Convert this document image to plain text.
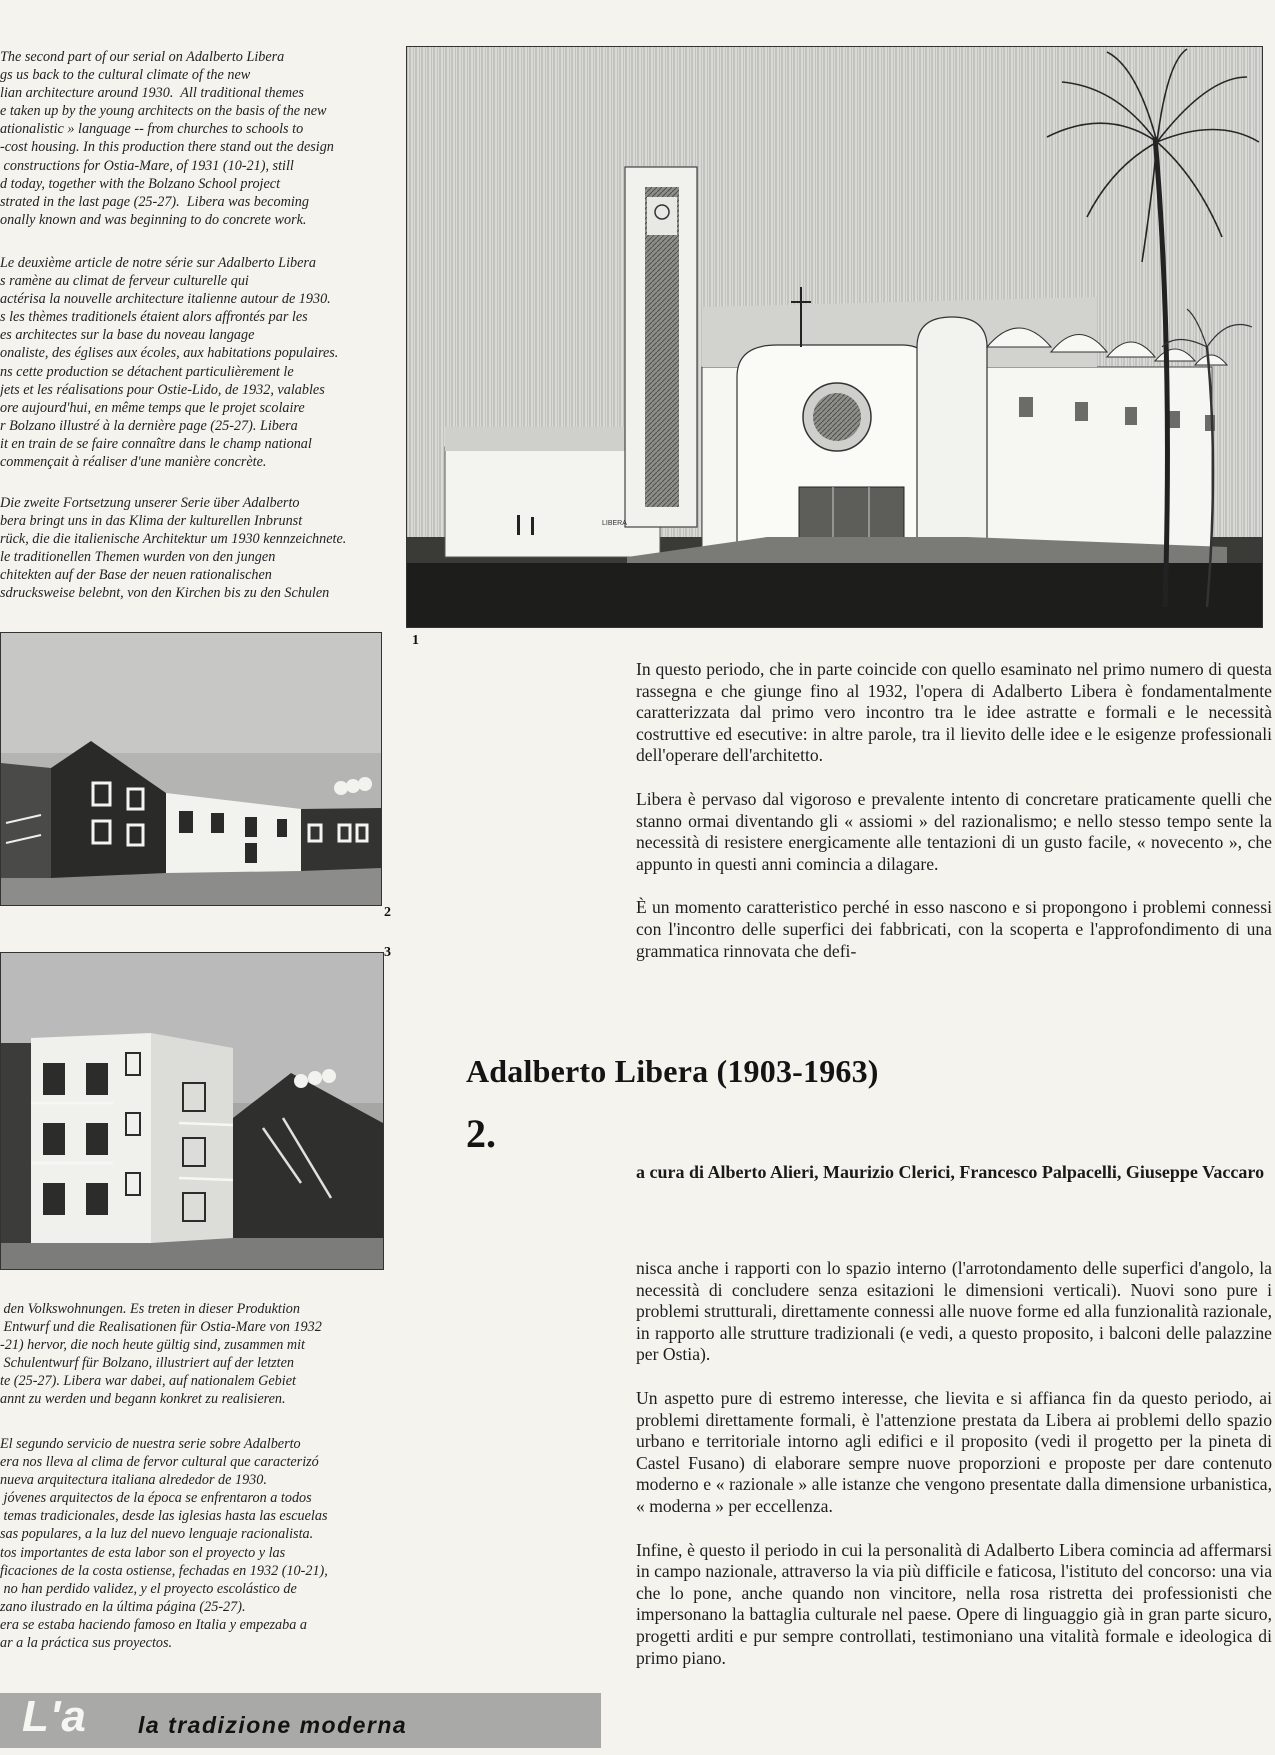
The second part of our serial on Adalberto Libera
gs us back to the cultural climate of the new
lian architecture around 1930.  All traditional themes
e taken up by the young architects on the basis of the new
ationalistic » language -- from churches to schools to
-cost housing. In this production there stand out the design
constructions for Ostia-Mare, of 1931 (10-21), still
d today, together with the Bolzano School project
strated in the last page (25-27).  Libera was becoming
onally known and was beginning to do concrete work.
Le deuxième article de notre série sur Adalberto Libera
s ramène au climat de ferveur culturelle qui
actérisa la nouvelle architecture italienne autour de 1930.
s les thèmes traditionels étaient alors affrontés par les
es architectes sur la base du noveau langage
onaliste, des églises aux écoles, aux habitations populaires.
ns cette production se détachent particulièrement le
jets et les réalisations pour Ostie-Lido, de 1932, valables
ore aujourd'hui, en même temps que le projet scolaire
r Bolzano illustré à la dernière page (25-27). Libera
it en train de se faire connaître dans le champ national
commençait à réaliser d'une manière concrète.
Die zweite Fortsetzung unserer Serie über Adalberto
bera bringt uns in das Klima der kulturellen Inbrunst
rück, die die italienische Architektur um 1930 kennzeichnete.
le traditionellen Themen wurden von den jungen
chitekten auf der Base der neuen rationalischen
sdrucksweise belebnt, von den Kirchen bis zu den Schulen
den Volkswohnungen. Es treten in dieser Produktion
Entwurf und die Realisationen für Ostia-Mare von 1932
-21) hervor, die noch heute gültig sind, zusammen mit
Schulentwurf für Bolzano, illustriert auf der letzten
te (25-27). Libera war dabei, auf nationalem Gebiet
annt zu werden und begann konkret zu realisieren.
El segundo servicio de nuestra serie sobre Adalberto
era nos lleva al clima de fervor cultural que caracterizó
nueva arquitectura italiana alrededor de 1930.
jóvenes arquitectos de la época se enfrentaron a todos
temas tradicionales, desde las iglesias hasta las escuelas
sas populares, a la luz del nuevo lenguaje racionalista.
tos importantes de esta labor son el proyecto y las
ficaciones de la costa ostiense, fechadas en 1932 (10-21),
no han perdido validez, y el proyecto escolástico de
zano ilustrado en la última página (25-27).
era se estaba haciendo famoso en Italia y empezaba a
ar a la práctica sus proyectos.
LIBERA
1
2
3

In questo periodo, che in parte coincide con quello esaminato nel primo numero di questa rassegna e che giunge fino al 1932, l'opera di Adalberto Libera è fondamentalmente caratterizzata dal primo vero incontro tra le idee astratte e formali e le necessità costruttive ed esecutive: in altre parole, tra il lievito delle idee e le esigenze professionali dell'operare dell'architetto.

Libera è pervaso dal vigoroso e prevalente intento di concretare praticamente quelli che stanno ormai diventando gli « assiomi » del razionalismo; e nello stesso tempo sente la necessità di resistere energicamente alle tentazioni di un gusto facile, « novecento », che appunto in questi anni comincia a dilagare.

È un momento caratteristico perché in esso nascono e si propongono i problemi connessi con l'incontro delle superfici dei fabbricati, con la scoperta e l'approfondimento di una grammatica rinnovata che defi-

Adalberto Libera (1903-1963)
2.
a cura di Alberto Alieri, Maurizio Clerici, Francesco Palpacelli, Giuseppe Vaccaro

nisca anche i rapporti con lo spazio interno (l'arrotondamento delle superfici d'angolo, la necessità di concludere senza esitazioni le dimensioni verticali). Nuovi sono pure i problemi strutturali, direttamente connessi alle nuove forme ed alla funzionalità razionale, in rapporto alle strutture tradizionali (e vedi, a questo proposito, i balconi delle palazzine per Ostia).

Un aspetto pure di estremo interesse, che lievita e si affianca fin da questo periodo, ai problemi direttamente formali, è l'attenzione prestata da Libera ai problemi dello spazio urbano e territoriale intorno agli edifici e il proposito (vedi il progetto per la pineta di Castel Fusano) di elaborare sempre nuove proporzioni e proposte per dare contenuto moderno e « razionale » alle istanze che vengono presentate dalla dimensione urbanistica, « moderna » per eccellenza.

Infine, è questo il periodo in cui la personalità di Adalberto Libera comincia ad affermarsi in campo nazionale, attraverso la via più difficile e faticosa, l'istituto del concorso: una via che lo pone, anche quando non vincitore, nella rosa ristretta dei professionisti che impersonano la battaglia culturale nel paese. Opere di linguaggio già in gran parte sicuro, progetti arditi e pur sempre controllati, testimoniano una vitalità formale e ideologica di primo piano.

L'a la tradizione moderna
